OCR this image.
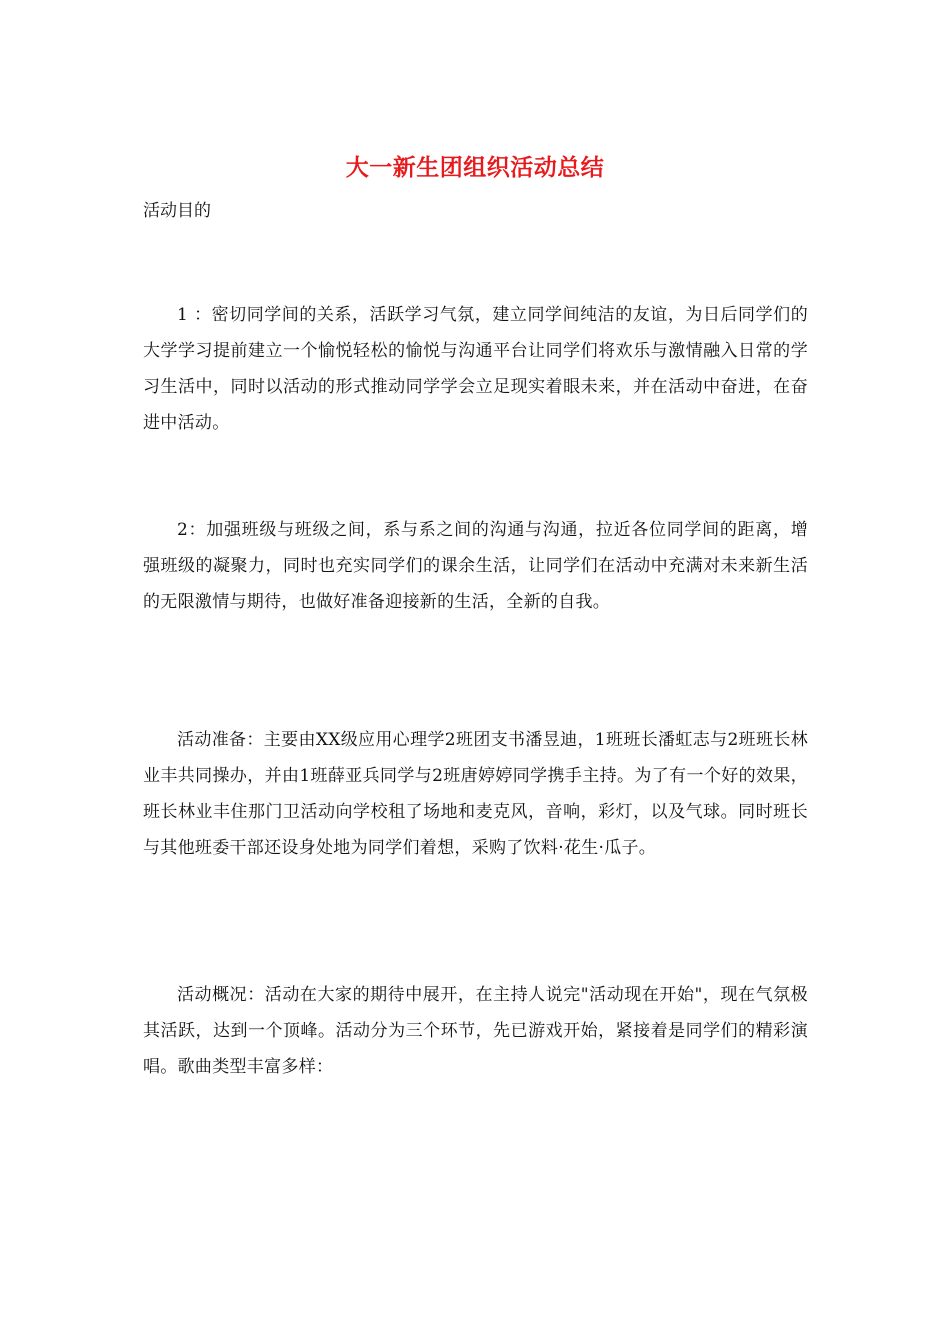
大一新生团组织活动总结
活动目的
1 ：密切同学间的关系，活跃学习气氛，建立同学间纯洁的友谊，为日后同学们的大学学习提前建立一个愉悦轻松的愉悦与沟通平台让同学们将欢乐与激情融入日常的学习生活中，同时以活动的形式推动同学学会立足现实着眼未来，并在活动中奋进，在奋进中活动。
2：加强班级与班级之间，系与系之间的沟通与沟通，拉近各位同学间的距离，增强班级的凝聚力，同时也充实同学们的课余生活，让同学们在活动中充满对未来新生活的无限激情与期待，也做好准备迎接新的生活，全新的自我。
活动准备：主要由XX级应用心理学2班团支书潘昱迪，1班班长潘虹志与2班班长林业丰共同操办，并由1班薛亚兵同学与2班唐婷婷同学携手主持。为了有一个好的效果，班长林业丰住那门卫活动向学校租了场地和麦克风，音响，彩灯，以及气球。同时班长与其他班委干部还设身处地为同学们着想，采购了饮料·花生·瓜子。
活动概况：活动在大家的期待中展开，在主持人说完"活动现在开始"，现在气氛极其活跃，达到一个顶峰。活动分为三个环节，先已游戏开始，紧接着是同学们的精彩演唱。歌曲类型丰富多样：
